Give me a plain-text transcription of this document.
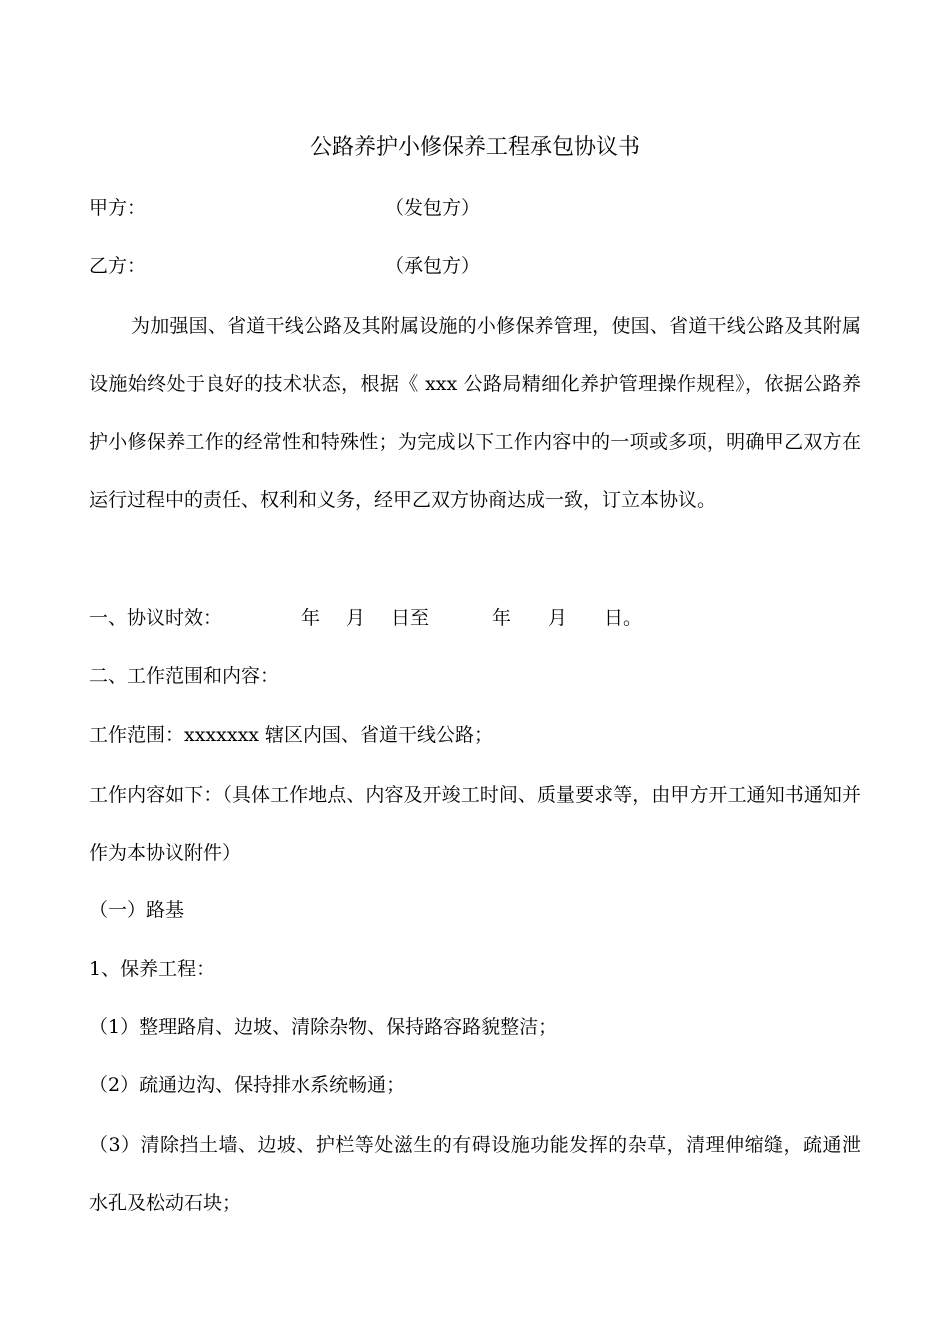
公路养护小修保养工程承包协议书
甲方：	（发包方）
乙方：	（承包方）
为加强国、省道干线公路及其附属设施的小修保养管理，使国、省道干线公路及其附属设施始终处于良好的技术状态，根据《 xxx 公路局精细化养护管理操作规程》，依据公路养护小修保养工作的经常性和特殊性；为完成以下工作内容中的一项或多项，明确甲乙双方在运行过程中的责任、权利和义务，经甲乙双方协商达成一致，订立本协议。
一、协议时效：	年 月 日至	年 月 日。
二、工作范围和内容：
工作范围：xxxxxxx 辖区内国、省道干线公路；
工作内容如下：（具体工作地点、内容及开竣工时间、质量要求等，由甲方开工通知书通知并作为本协议附件）
（一）路基
1、保养工程：
（1）整理路肩、边坡、清除杂物、保持路容路貌整洁；
（2）疏通边沟、保持排水系统畅通；
（3）清除挡土墙、边坡、护栏等处滋生的有碍设施功能发挥的杂草，清理伸缩缝，疏通泄水孔及松动石块；
